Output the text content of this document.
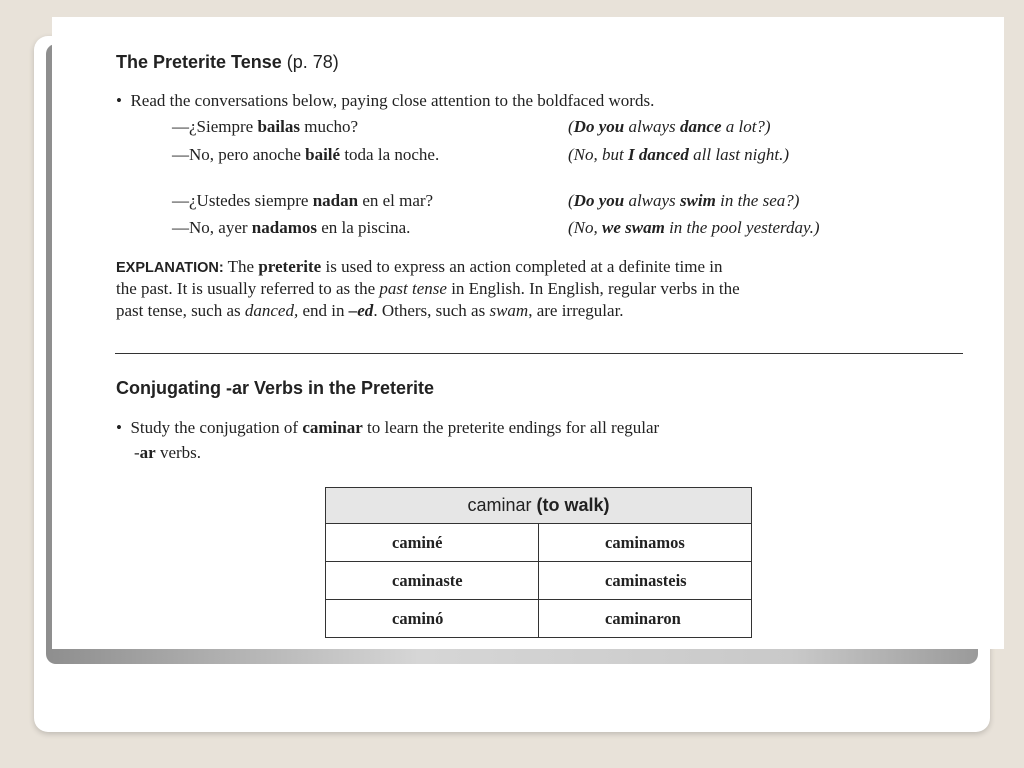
The Preterite Tense (p. 78)
• Read the conversations below, paying close attention to the boldfaced words.
—¿Siempre bailas mucho?	(Do you always dance a lot?)
—No, pero anoche bailé toda la noche.	(No, but I danced all last night.)
—¿Ustedes siempre nadan en el mar?	(Do you always swim in the sea?)
—No, ayer nadamos en la piscina.	(No, we swam in the pool yesterday.)
EXPLANATION: The preterite is used to express an action completed at a definite time in
the past. It is usually referred to as the past tense in English. In English, regular verbs in the
past tense, such as danced, end in –ed. Others, such as swam, are irregular.
Conjugating -ar Verbs in the Preterite
• Study the conjugation of caminar to learn the preterite endings for all regular
-ar verbs.
caminar (to walk)	
caminé	caminamos
caminaste	caminasteis
caminó	caminaron
